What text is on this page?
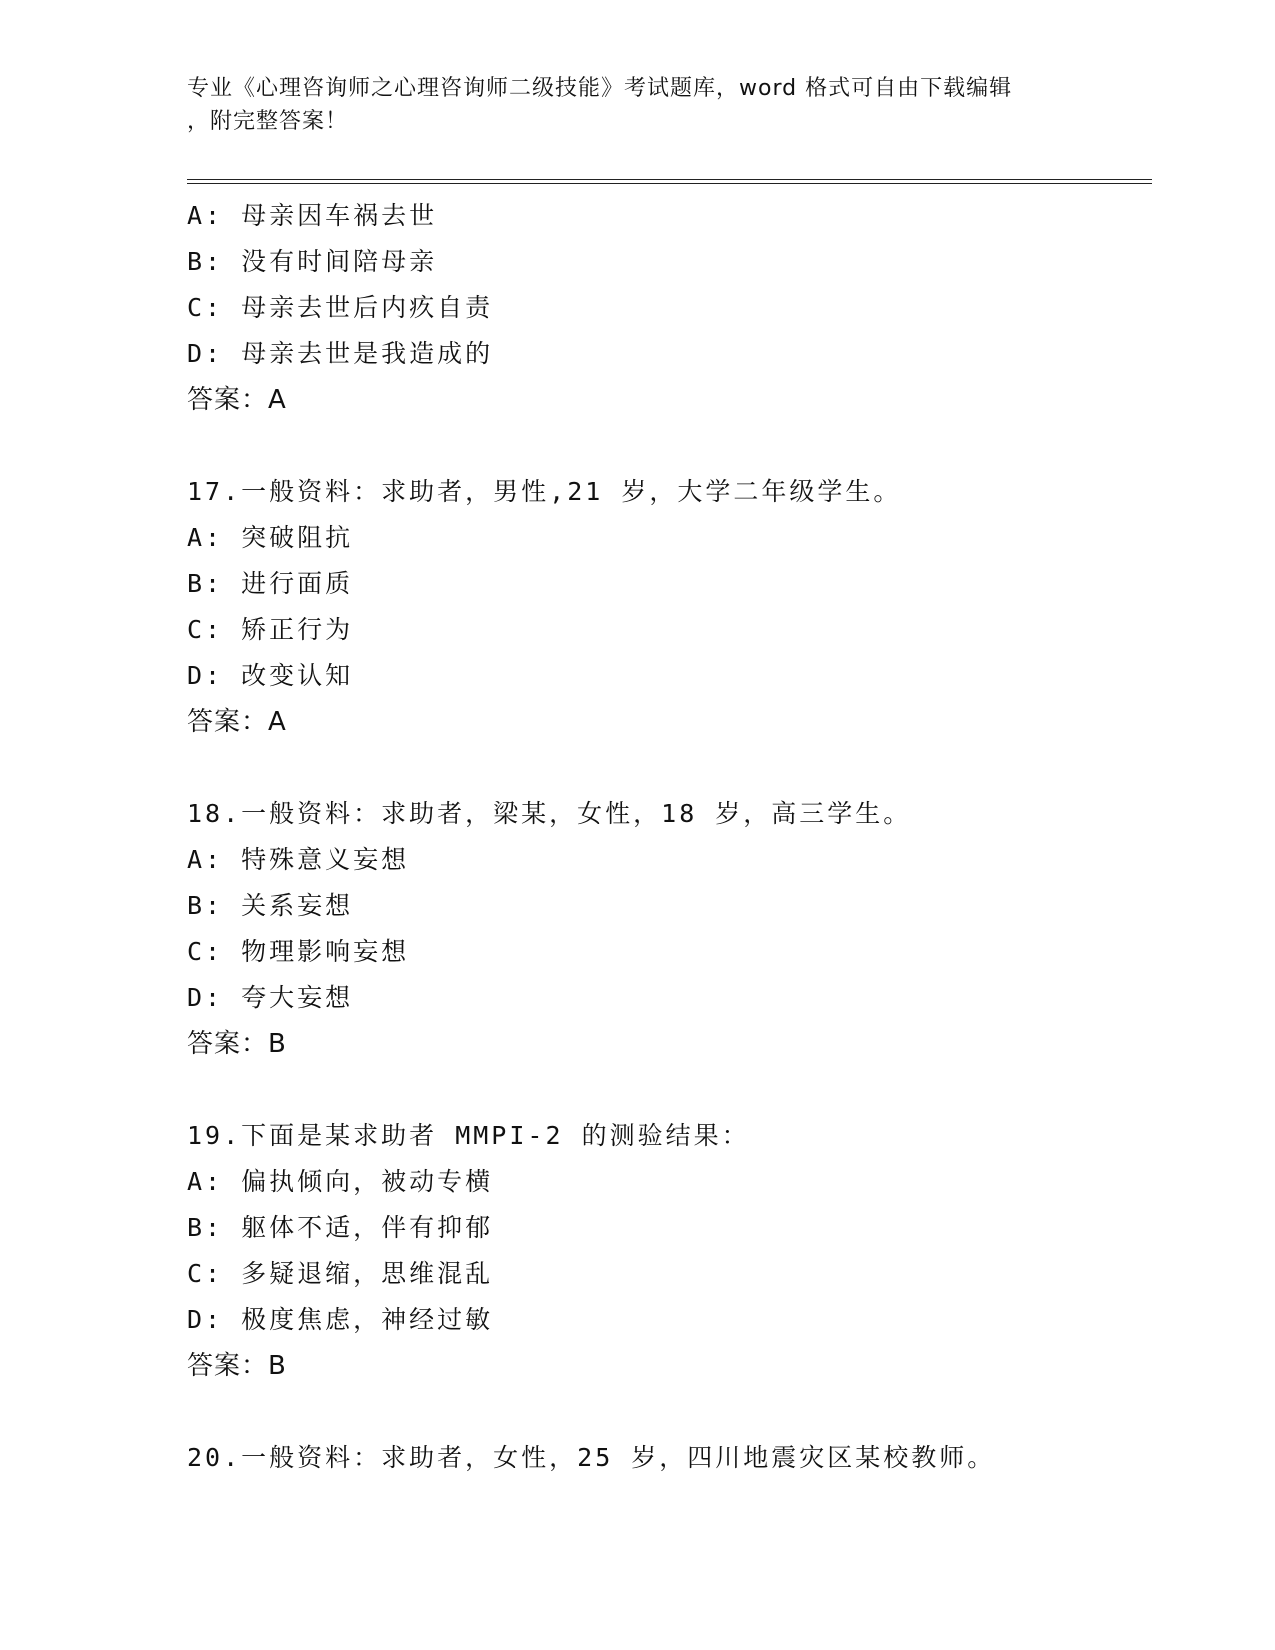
专业《心理咨询师之心理咨询师二级技能》考试题库，word 格式可自由下载编辑
，附完整答案！
A: 母亲因车祸去世
B: 没有时间陪母亲
C: 母亲去世后内疚自责
D: 母亲去世是我造成的
答案：A
17.一般资料：求助者，男性,21 岁，大学二年级学生。
A: 突破阻抗
B: 进行面质
C: 矫正行为
D: 改变认知
答案：A
18.一般资料：求助者，梁某，女性，18 岁，高三学生。
A: 特殊意义妄想
B: 关系妄想
C: 物理影响妄想
D: 夸大妄想
答案：B
19.下面是某求助者 MMPI-2 的测验结果：
A: 偏执倾向，被动专横
B: 躯体不适，伴有抑郁
C: 多疑退缩，思维混乱
D: 极度焦虑，神经过敏
答案：B
20.一般资料：求助者，女性，25 岁，四川地震灾区某校教师。
